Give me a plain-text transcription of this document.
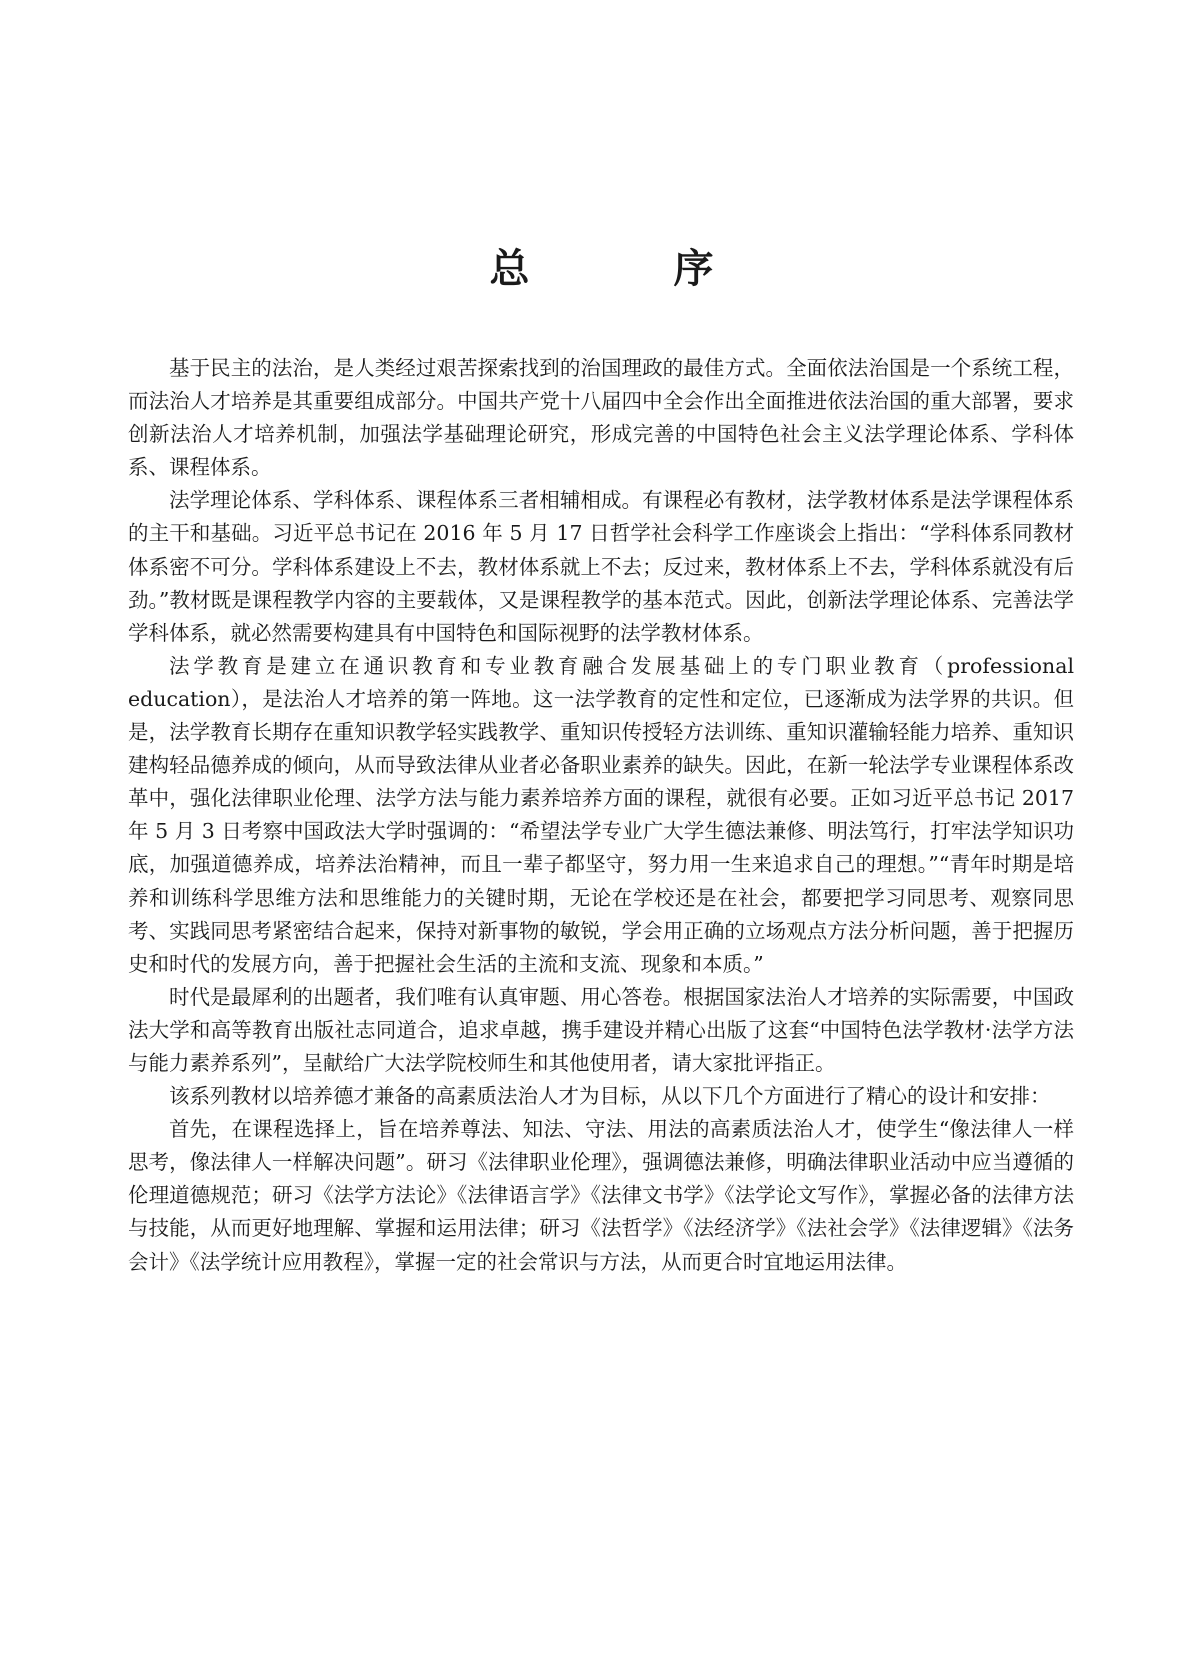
总　序

基于民主的法治，是人类经过艰苦探索找到的治国理政的最佳方式。全面依法治国是一个系统工程，而法治人才培养是其重要组成部分。中国共产党十八届四中全会作出全面推进依法治国的重大部署，要求创新法治人才培养机制，加强法学基础理论研究，形成完善的中国特色社会主义法学理论体系、学科体系、课程体系。

法学理论体系、学科体系、课程体系三者相辅相成。有课程必有教材，法学教材体系是法学课程体系的主干和基础。习近平总书记在 2016 年 5 月 17 日哲学社会科学工作座谈会上指出：“学科体系同教材体系密不可分。学科体系建设上不去，教材体系就上不去；反过来，教材体系上不去，学科体系就没有后劲。”教材既是课程教学内容的主要载体，又是课程教学的基本范式。因此，创新法学理论体系、完善法学学科体系，就必然需要构建具有中国特色和国际视野的法学教材体系。

法学教育是建立在通识教育和专业教育融合发展基础上的专门职业教育（professional education），是法治人才培养的第一阵地。这一法学教育的定性和定位，已逐渐成为法学界的共识。但是，法学教育长期存在重知识教学轻实践教学、重知识传授轻方法训练、重知识灌输轻能力培养、重知识建构轻品德养成的倾向，从而导致法律从业者必备职业素养的缺失。因此，在新一轮法学专业课程体系改革中，强化法律职业伦理、法学方法与能力素养培养方面的课程，就很有必要。正如习近平总书记 2017 年 5 月 3 日考察中国政法大学时强调的：“希望法学专业广大学生德法兼修、明法笃行，打牢法学知识功底，加强道德养成，培养法治精神，而且一辈子都坚守，努力用一生来追求自己的理想。”“青年时期是培养和训练科学思维方法和思维能力的关键时期，无论在学校还是在社会，都要把学习同思考、观察同思考、实践同思考紧密结合起来，保持对新事物的敏锐，学会用正确的立场观点方法分析问题，善于把握历史和时代的发展方向，善于把握社会生活的主流和支流、现象和本质。”

时代是最犀利的出题者，我们唯有认真审题、用心答卷。根据国家法治人才培养的实际需要，中国政法大学和高等教育出版社志同道合，追求卓越，携手建设并精心出版了这套“中国特色法学教材·法学方法与能力素养系列”，呈献给广大法学院校师生和其他使用者，请大家批评指正。

该系列教材以培养德才兼备的高素质法治人才为目标，从以下几个方面进行了精心的设计和安排：

首先，在课程选择上，旨在培养尊法、知法、守法、用法的高素质法治人才，使学生“像法律人一样思考，像法律人一样解决问题”。研习《法律职业伦理》，强调德法兼修，明确法律职业活动中应当遵循的伦理道德规范；研习《法学方法论》《法律语言学》《法律文书学》《法学论文写作》，掌握必备的法律方法与技能，从而更好地理解、掌握和运用法律；研习《法哲学》《法经济学》《法社会学》《法律逻辑》《法务会计》《法学统计应用教程》，掌握一定的社会常识与方法，从而更合时宜地运用法律。
